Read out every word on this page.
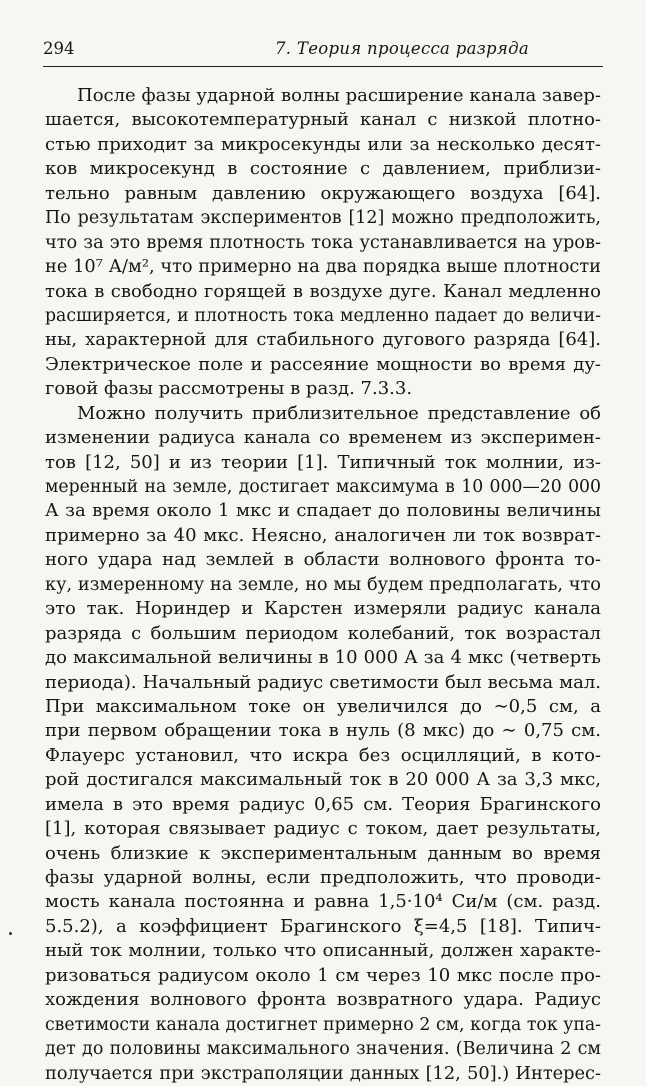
294	7. Теория процесса разряда
После фазы ударной волны расширение канала завер-
шается, высокотемпературный канал с низкой плотно-
стью приходит за микросекунды или за несколько десят-
ков микросекунд в состояние с давлением, приблизи-
тельно равным давлению окружающего воздуха [64].
По результатам экспериментов [12] можно предположить,
что за это время плотность тока устанавливается на уров-
не 10⁷ А/м², что примерно на два порядка выше плотности
тока в свободно горящей в воздухе дуге. Канал медленно
расширяется, и плотность тока медленно падает до величи-
ны, характерной для стабильного дугового разряда [64].
Электрическое поле и рассеяние мощности во время ду-
говой фазы рассмотрены в разд. 7.3.3.
Можно получить приблизительное представление об
изменении радиуса канала со временем из эксперимен-
тов [12, 50] и из теории [1]. Типичный ток молнии, из-
меренный на земле, достигает максимума в 10 000—20 000
А за время около 1 мкс и спадает до половины величины
примерно за 40 мкс. Неясно, аналогичен ли ток возврат-
ного удара над землей в области волнового фронта то-
ку, измеренному на земле, но мы будем предполагать, что
это так. Нориндер и Карстен измеряли радиус канала
разряда с большим периодом колебаний, ток возрастал
до максимальной величины в 10 000 А за 4 мкс (четверть
периода). Начальный радиус светимости был весьма мал.
При максимальном токе он увеличился до ∼0,5 см, а
при первом обращении тока в нуль (8 мкс) до ∼ 0,75 см.
Флауерс установил, что искра без осцилляций, в кото-
рой достигался максимальный ток в 20 000 А за 3,3 мкс,
имела в это время радиус 0,65 см. Теория Брагинского
[1], которая связывает радиус с током, дает результаты,
очень близкие к экспериментальным данным во время
фазы ударной волны, если предположить, что проводи-
мость канала постоянна и равна 1,5·10⁴ Си/м (см. разд.
5.5.2), а коэффициент Брагинского ξ=4,5 [18]. Типич-
ный ток молнии, только что описанный, должен характе-
ризоваться радиусом около 1 см через 10 мкс после про-
хождения волнового фронта возвратного удара. Радиус
светимости канала достигнет примерно 2 см, когда ток упа-
дет до половины максимального значения. (Величина 2 см
получается при экстраполяции данных [12, 50].) Интерес-
